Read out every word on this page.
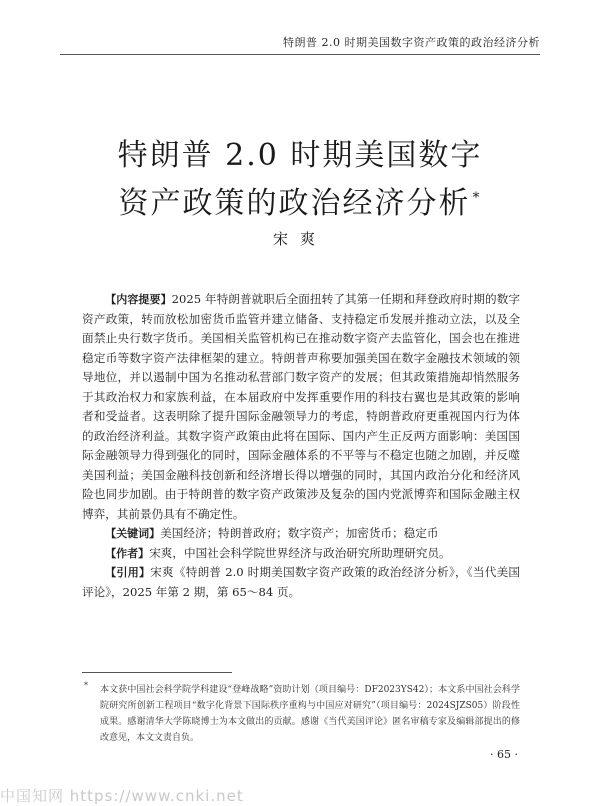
特朗普 2.0 时期美国数字资产政策的政治经济分析
特朗普 2.0 时期美国数字
资产政策的政治经济分析 *
宋爽

【内容提要】2025 年特朗普就职后全面扭转了其第一任期和拜登政府时期的数字资产政策，转而放松加密货币监管并建立储备、支持稳定币发展并推动立法，以及全面禁止央行数字货币。美国相关监管机构已在推动数字资产去监管化，国会也在推进稳定币等数字资产法律框架的建立。特朗普声称要加强美国在数字金融技术领域的领导地位，并以遏制中国为名推动私营部门数字资产的发展；但其政策措施却悄然服务于其政治权力和家族利益，在本届政府中发挥重要作用的科技右翼也是其政策的影响者和受益者。这表明除了提升国际金融领导力的考虑，特朗普政府更重视国内行为体的政治经济利益。其数字资产政策由此将在国际、国内产生正反两方面影响：美国国际金融领导力得到强化的同时，国际金融体系的不平等与不稳定也随之加剧，并反噬美国利益；美国金融科技创新和经济增长得以增强的同时，其国内政治分化和经济风险也同步加剧。由于特朗普的数字资产政策涉及复杂的国内党派博弈和国际金融主权博弈，其前景仍具有不确定性。

【关键词】美国经济；特朗普政府；数字资产；加密货币；稳定币

【作者】宋爽，中国社会科学院世界经济与政治研究所助理研究员。

【引用】宋爽《特朗普 2.0 时期美国数字资产政策的政治经济分析》，《当代美国评论》，2025 年第 2 期，第 65～84 页。

*	本文获中国社会科学院学科建设“登峰战略”资助计划（项目编号：DF2023YS42）；本文系中国社会科学院研究所创新工程项目“数字化背景下国际秩序重构与中国应对研究”（项目编号：2024SJZS05）阶段性成果。感谢清华大学陈晓博士为本文做出的贡献。感谢《当代美国评论》匿名审稿专家及编辑部提出的修改意见，本文文责自负。
· 65 ·
中国知网 https://www.cnki.net
